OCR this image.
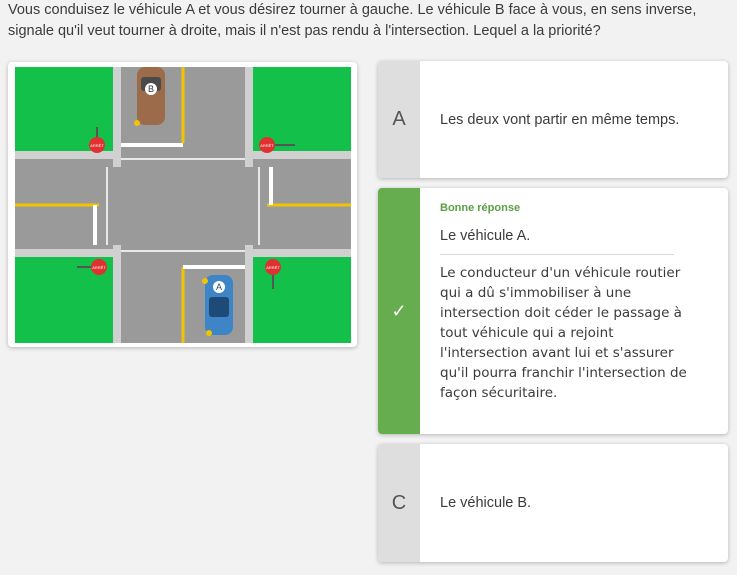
Vous conduisez le véhicule A et vous désirez tourner à gauche. Le véhicule B face à vous, en sens inverse, signale qu'il veut tourner à droite, mais il n'est pas rendu à l'intersection. Lequel a la priorité?
ARRÊT	ARRÊT
ARRÊT	ARRÊT
B
A
A	Les deux vont partir en même temps.
✓
Bonne réponse
Le véhicule A.
Le conducteur d'un véhicule routier qui a dû s'immobiliser à une intersection doit céder le passage à tout véhicule qui a rejoint l'intersection avant lui et s'assurer qu'il pourra franchir l'intersection de façon sécuritaire.
C	Le véhicule B.
